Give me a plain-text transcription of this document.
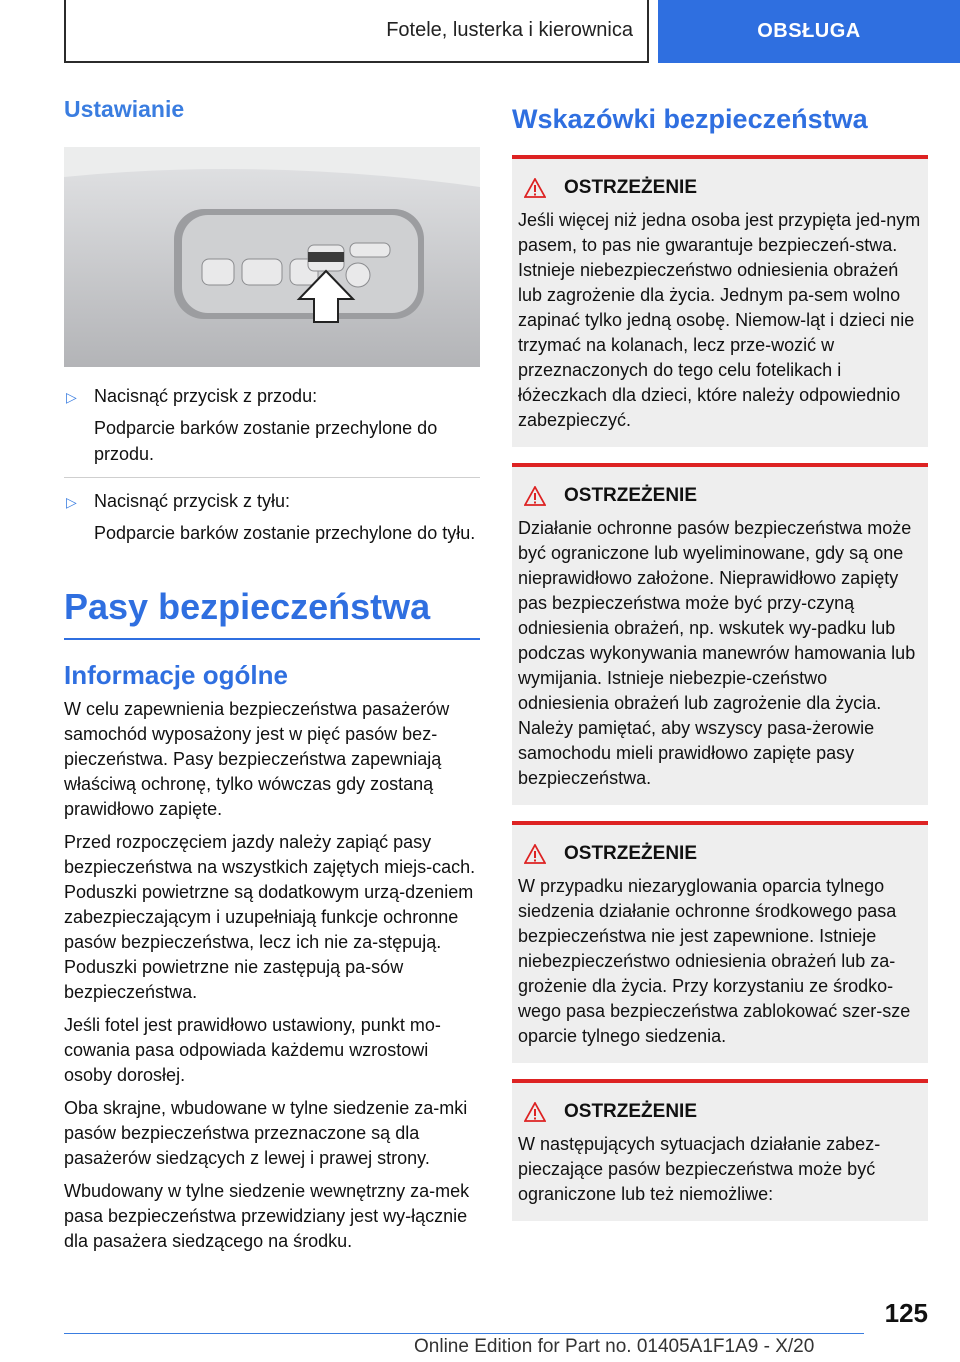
Fotele, lusterka i kierownica	OBSŁUGA
Ustawianie
▷ Nacisnąć przycisk z przodu:
Podparcie barków zostanie przechylone do przodu.
▷ Nacisnąć przycisk z tyłu:
Podparcie barków zostanie przechylone do tyłu.
Pasy bezpieczeństwa
Informacje ogólne

W celu zapewnienia bezpieczeństwa pasażerów samochód wyposażony jest w pięć pasów bez-pieczeństwa. Pasy bezpieczeństwa zapewniają właściwą ochronę, tylko wówczas gdy zostaną prawidłowo zapięte.

Przed rozpoczęciem jazdy należy zapiąć pasy bezpieczeństwa na wszystkich zajętych miejs-cach. Poduszki powietrzne są dodatkowym urzą-dzeniem zabezpieczającym i uzupełniają funkcje ochronne pasów bezpieczeństwa, lecz ich nie za-stępują. Poduszki powietrzne nie zastępują pa-sów bezpieczeństwa.

Jeśli fotel jest prawidłowo ustawiony, punkt mo-cowania pasa odpowiada każdemu wzrostowi osoby dorosłej.

Oba skrajne, wbudowane w tylne siedzenie za-mki pasów bezpieczeństwa przeznaczone są dla pasażerów siedzących z lewej i prawej strony.

Wbudowany w tylne siedzenie wewnętrzny za-mek pasa bezpieczeństwa przewidziany jest wy-łącznie dla pasażera siedzącego na środku.

Wskazówki bezpieczeństwa
OSTRZEŻENIE
Jeśli więcej niż jedna osoba jest przypięta jed-nym pasem, to pas nie gwarantuje bezpieczeń-stwa. Istnieje niebezpieczeństwo odniesienia obrażeń lub zagrożenie dla życia. Jednym pa-sem wolno zapinać tylko jedną osobę. Niemow-ląt i dzieci nie trzymać na kolanach, lecz prze-wozić w przeznaczonych do tego celu fotelikach i łóżeczkach dla dzieci, które należy odpowiednio zabezpieczyć.
OSTRZEŻENIE
Działanie ochronne pasów bezpieczeństwa może być ograniczone lub wyeliminowane, gdy są one nieprawidłowo założone. Nieprawidłowo zapięty pas bezpieczeństwa może być przy-czyną odniesienia obrażeń, np. wskutek wy-padku lub podczas wykonywania manewrów hamowania lub wymijania. Istnieje niebezpie-czeństwo odniesienia obrażeń lub zagrożenie dla życia. Należy pamiętać, aby wszyscy pasa-żerowie samochodu mieli prawidłowo zapięte pasy bezpieczeństwa.
OSTRZEŻENIE
W przypadku niezaryglowania oparcia tylnego siedzenia działanie ochronne środkowego pasa bezpieczeństwa nie jest zapewnione. Istnieje niebezpieczeństwo odniesienia obrażeń lub za-grożenie dla życia. Przy korzystaniu ze środko-wego pasa bezpieczeństwa zablokować szer-sze oparcie tylnego siedzenia.
OSTRZEŻENIE
W następujących sytuacjach działanie zabez-pieczające pasów bezpieczeństwa może być ograniczone lub też niemożliwe:
125
Online Edition for Part no. 01405A1F1A9 - X/20
